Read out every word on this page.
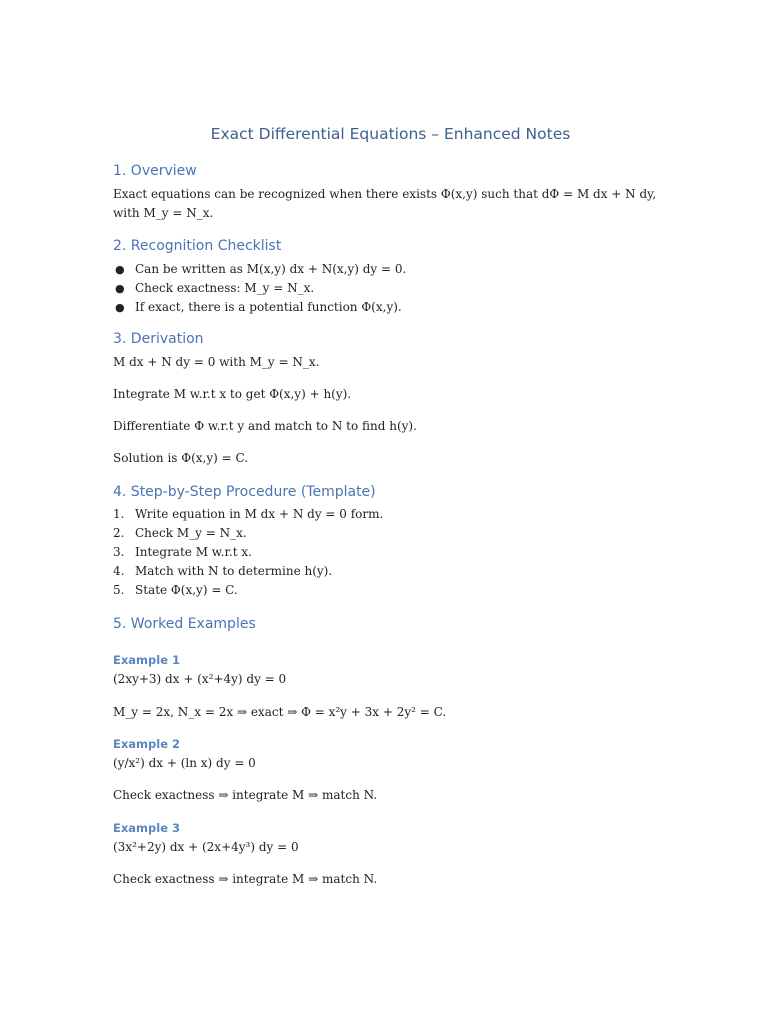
Exact Differential Equations – Enhanced Notes
1. Overview

Exact equations can be recognized when there exists Φ(x,y) such that dΦ = M dx + N dy,

with M_y = N_x.

2. Recognition Checklist
● Can be written as M(x,y) dx + N(x,y) dy = 0.
● Check exactness: M_y = N_x.
● If exact, there is a potential function Φ(x,y).
3. Derivation

M dx + N dy = 0 with M_y = N_x.

Integrate M w.r.t x to get Φ(x,y) + h(y).

Differentiate Φ w.r.t y and match to N to find h(y).

Solution is Φ(x,y) = C.

4. Step-by-Step Procedure (Template)
1. Write equation in M dx + N dy = 0 form.
2. Check M_y = N_x.
3. Integrate M w.r.t x.
4. Match with N to determine h(y).
5. State Φ(x,y) = C.
5. Worked Examples
Example 1

(2xy+3) dx + (x²+4y) dy = 0

M_y = 2x, N_x = 2x ⇒ exact ⇒ Φ = x²y + 3x + 2y² = C.

Example 2

(y/x²) dx + (ln x) dy = 0

Check exactness ⇒ integrate M ⇒ match N.

Example 3

(3x²+2y) dx + (2x+4y³) dy = 0

Check exactness ⇒ integrate M ⇒ match N.
